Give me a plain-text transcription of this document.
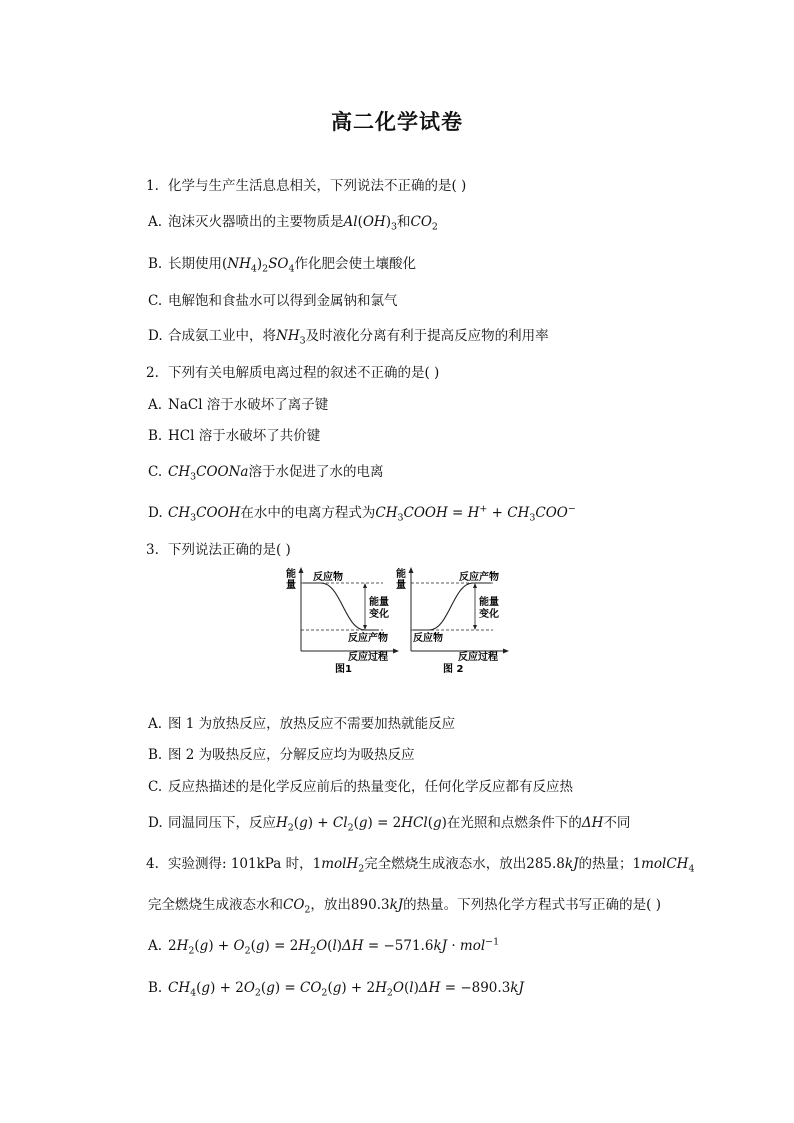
高二化学试卷
1. 化学与生产生活息息相关，下列说法不正确的是( )
A. 泡沫灭火器喷出的主要物质是$Al(OH)_3$和$CO_2$
B. 长期使用$(NH_4)_2SO_4$作化肥会使土壤酸化
C. 电解饱和食盐水可以得到金属钠和氯气
D. 合成氨工业中，将$NH_3$及时液化分离有利于提高反应物的利用率
2. 下列有关电解质电离过程的叙述不正确的是( )
A. NaCl 溶于水破坏了离子键
B. HCl 溶于水破坏了共价键
C. $CH_3COONa$溶于水促进了水的电离
D. $CH_3COOH$在水中的电离方程式为$CH_3COOH = H^+ + CH_3COO^-$
3. 下列说法正确的是( )
能
量
反应物
能量
变化
反应产物
反应过程
图1
能
量
反应产物
能量
变化
反应物
反应过程
图 2
A. 图 1 为放热反应，放热反应不需要加热就能反应
B. 图 2 为吸热反应，分解反应均为吸热反应
C. 反应热描述的是化学反应前后的热量变化，任何化学反应都有反应热
D. 同温同压下，反应$H_2(g) + Cl_2(g) = 2HCl(g)$在光照和点燃条件下的ΔH不同
4. 实验测得: 101kPa 时，1molH$_2$完全燃烧生成液态水，放出285.8kJ的热量；1molCH$_4$
完全燃烧生成液态水和$CO_2$，放出890.3kJ的热量。下列热化学方程式书写正确的是( )
A. $2H_2(g) + O_2(g) = 2H_2O(l)\Delta H = -571.6kJ \cdot mol^{-1}$
B. $CH_4(g) + 2O_2(g) = CO_2(g) + 2H_2O(l)\Delta H = -890.3kJ$
